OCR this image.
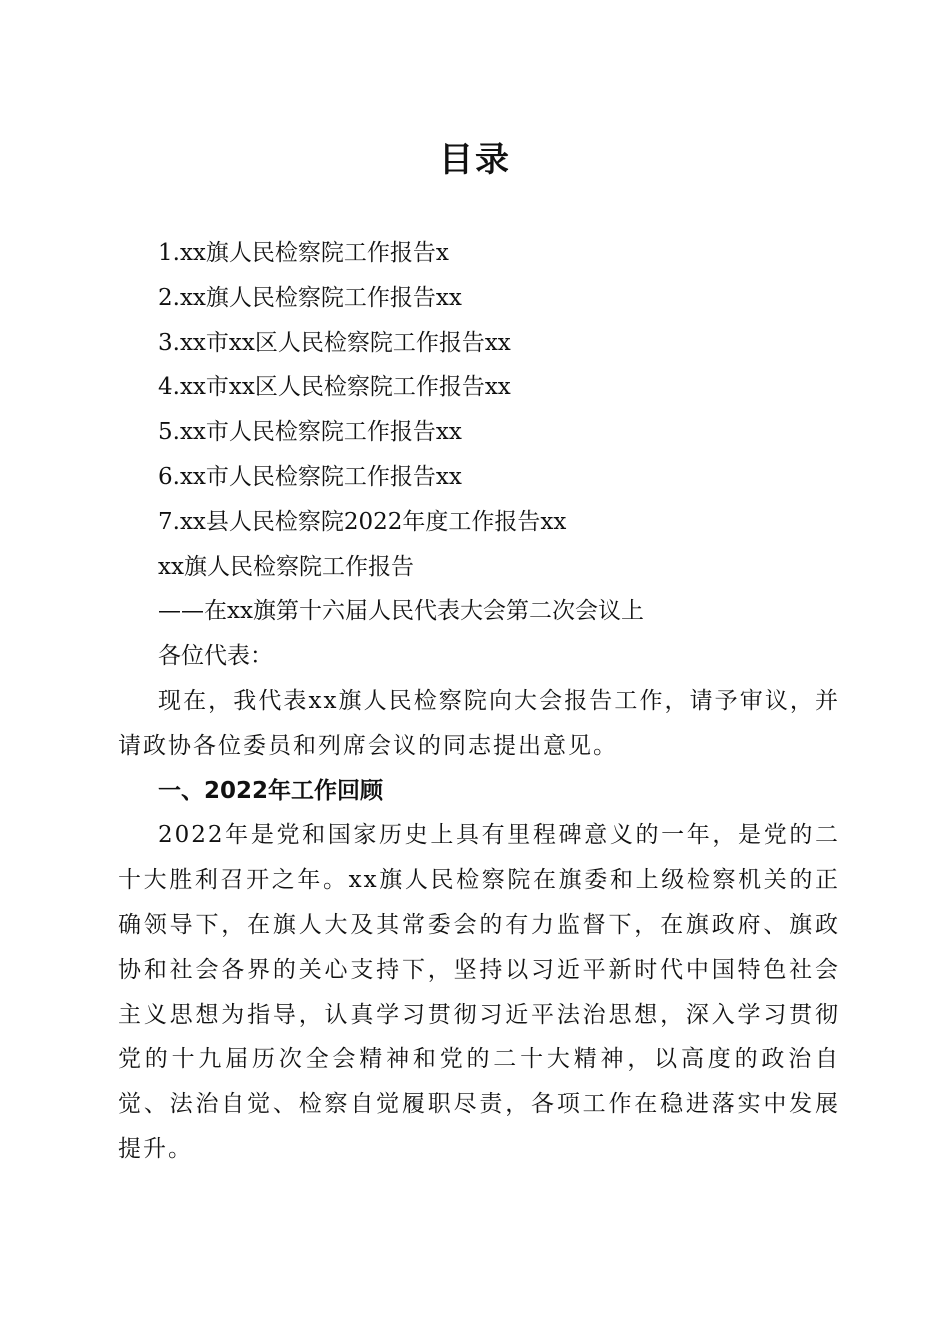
目录
1.xx旗人民检察院工作报告x
2.xx旗人民检察院工作报告xx
3.xx市xx区人民检察院工作报告xx
4.xx市xx区人民检察院工作报告xx
5.xx市人民检察院工作报告xx
6.xx市人民检察院工作报告xx
7.xx县人民检察院2022年度工作报告xx
xx旗人民检察院工作报告
——在xx旗第十六届人民代表大会第二次会议上
各位代表：
现在，我代表xx旗人民检察院向大会报告工作，请予审议，并请政协各位委员和列席会议的同志提出意见。
一、2022年工作回顾
2022年是党和国家历史上具有里程碑意义的一年，是党的二十大胜利召开之年。xx旗人民检察院在旗委和上级检察机关的正确领导下，在旗人大及其常委会的有力监督下，在旗政府、旗政协和社会各界的关心支持下，坚持以习近平新时代中国特色社会主义思想为指导，认真学习贯彻习近平法治思想，深入学习贯彻党的十九届历次全会精神和党的二十大精神，以高度的政治自觉、法治自觉、检察自觉履职尽责，各项工作在稳进落实中发展提升。
